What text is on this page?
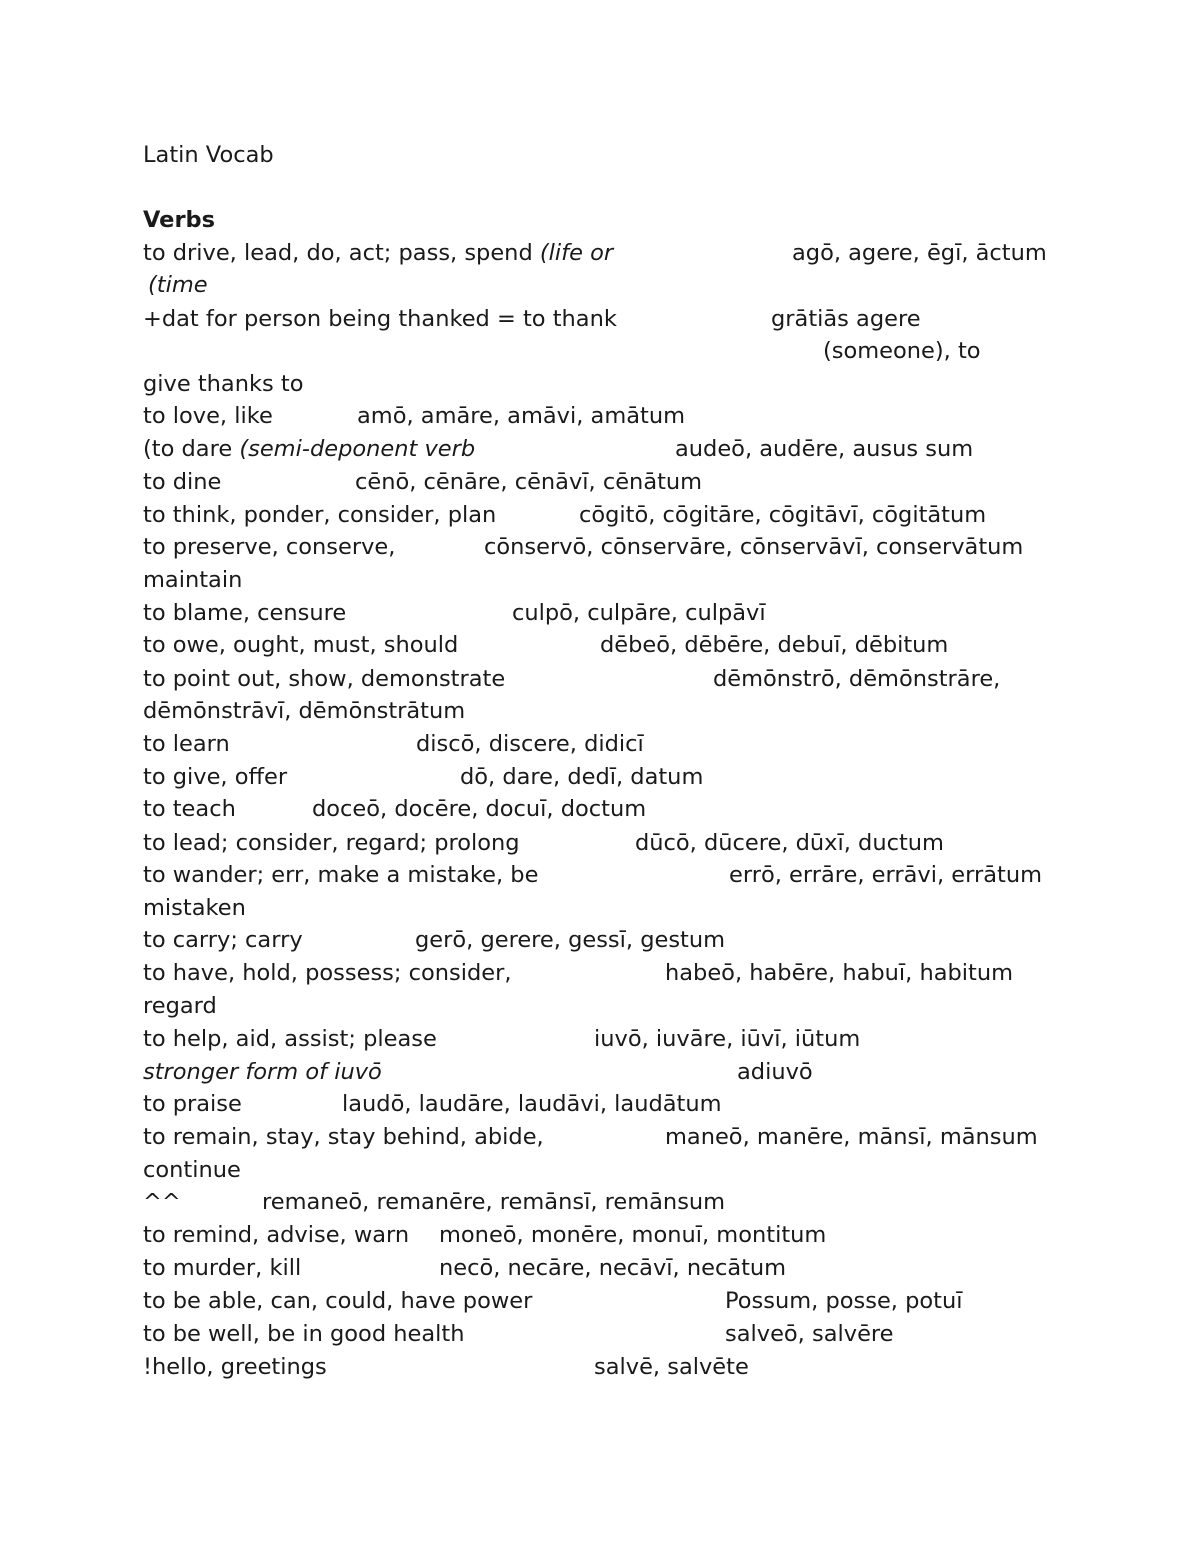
Latin Vocab
Verbs
to drive, lead, do, act; pass, spend (life or	agō, agere, ēgī, āctum
(time
+dat for person being thanked = to thank	grātiās agere
(someone), to
give thanks to
to love, like	amō, amāre, amāvi, amātum
(to dare (semi-deponent verb	audeō, audēre, ausus sum
to dine	cēnō, cēnāre, cēnāvī, cēnātum
to think, ponder, consider, plan	cōgitō, cōgitāre, cōgitāvī, cōgitātum
to preserve, conserve,	cōnservō, cōnservāre, cōnservāvī, conservātum
maintain
to blame, censure	culpō, culpāre, culpāvī
to owe, ought, must, should	dēbeō, dēbēre, debuī, dēbitum
to point out, show, demonstrate	dēmōnstrō, dēmōnstrāre,
dēmōnstrāvī, dēmōnstrātum
to learn	discō, discere, didicī
to give, offer	dō, dare, dedī, datum
to teach	doceō, docēre, docuī, doctum
to lead; consider, regard; prolong	dūcō, dūcere, dūxī, ductum
to wander; err, make a mistake, be	errō, errāre, errāvi, errātum
mistaken
to carry; carry	gerō, gerere, gessī, gestum
to have, hold, possess; consider,	habeō, habēre, habuī, habitum
regard
to help, aid, assist; please	iuvō, iuvāre, iūvī, iūtum
stronger form of iuvō	adiuvō
to praise	laudō, laudāre, laudāvi, laudātum
to remain, stay, stay behind, abide,	maneō, manēre, mānsī, mānsum
continue
^^	remaneō, remanēre, remānsī, remānsum
to remind, advise, warn moneō, monēre, monuī, montitum
to murder, kill	necō, necāre, necāvī, necātum
to be able, can, could, have power	Possum, posse, potuī
to be well, be in good health	salveō, salvēre
!hello, greetings	salvē, salvēte
